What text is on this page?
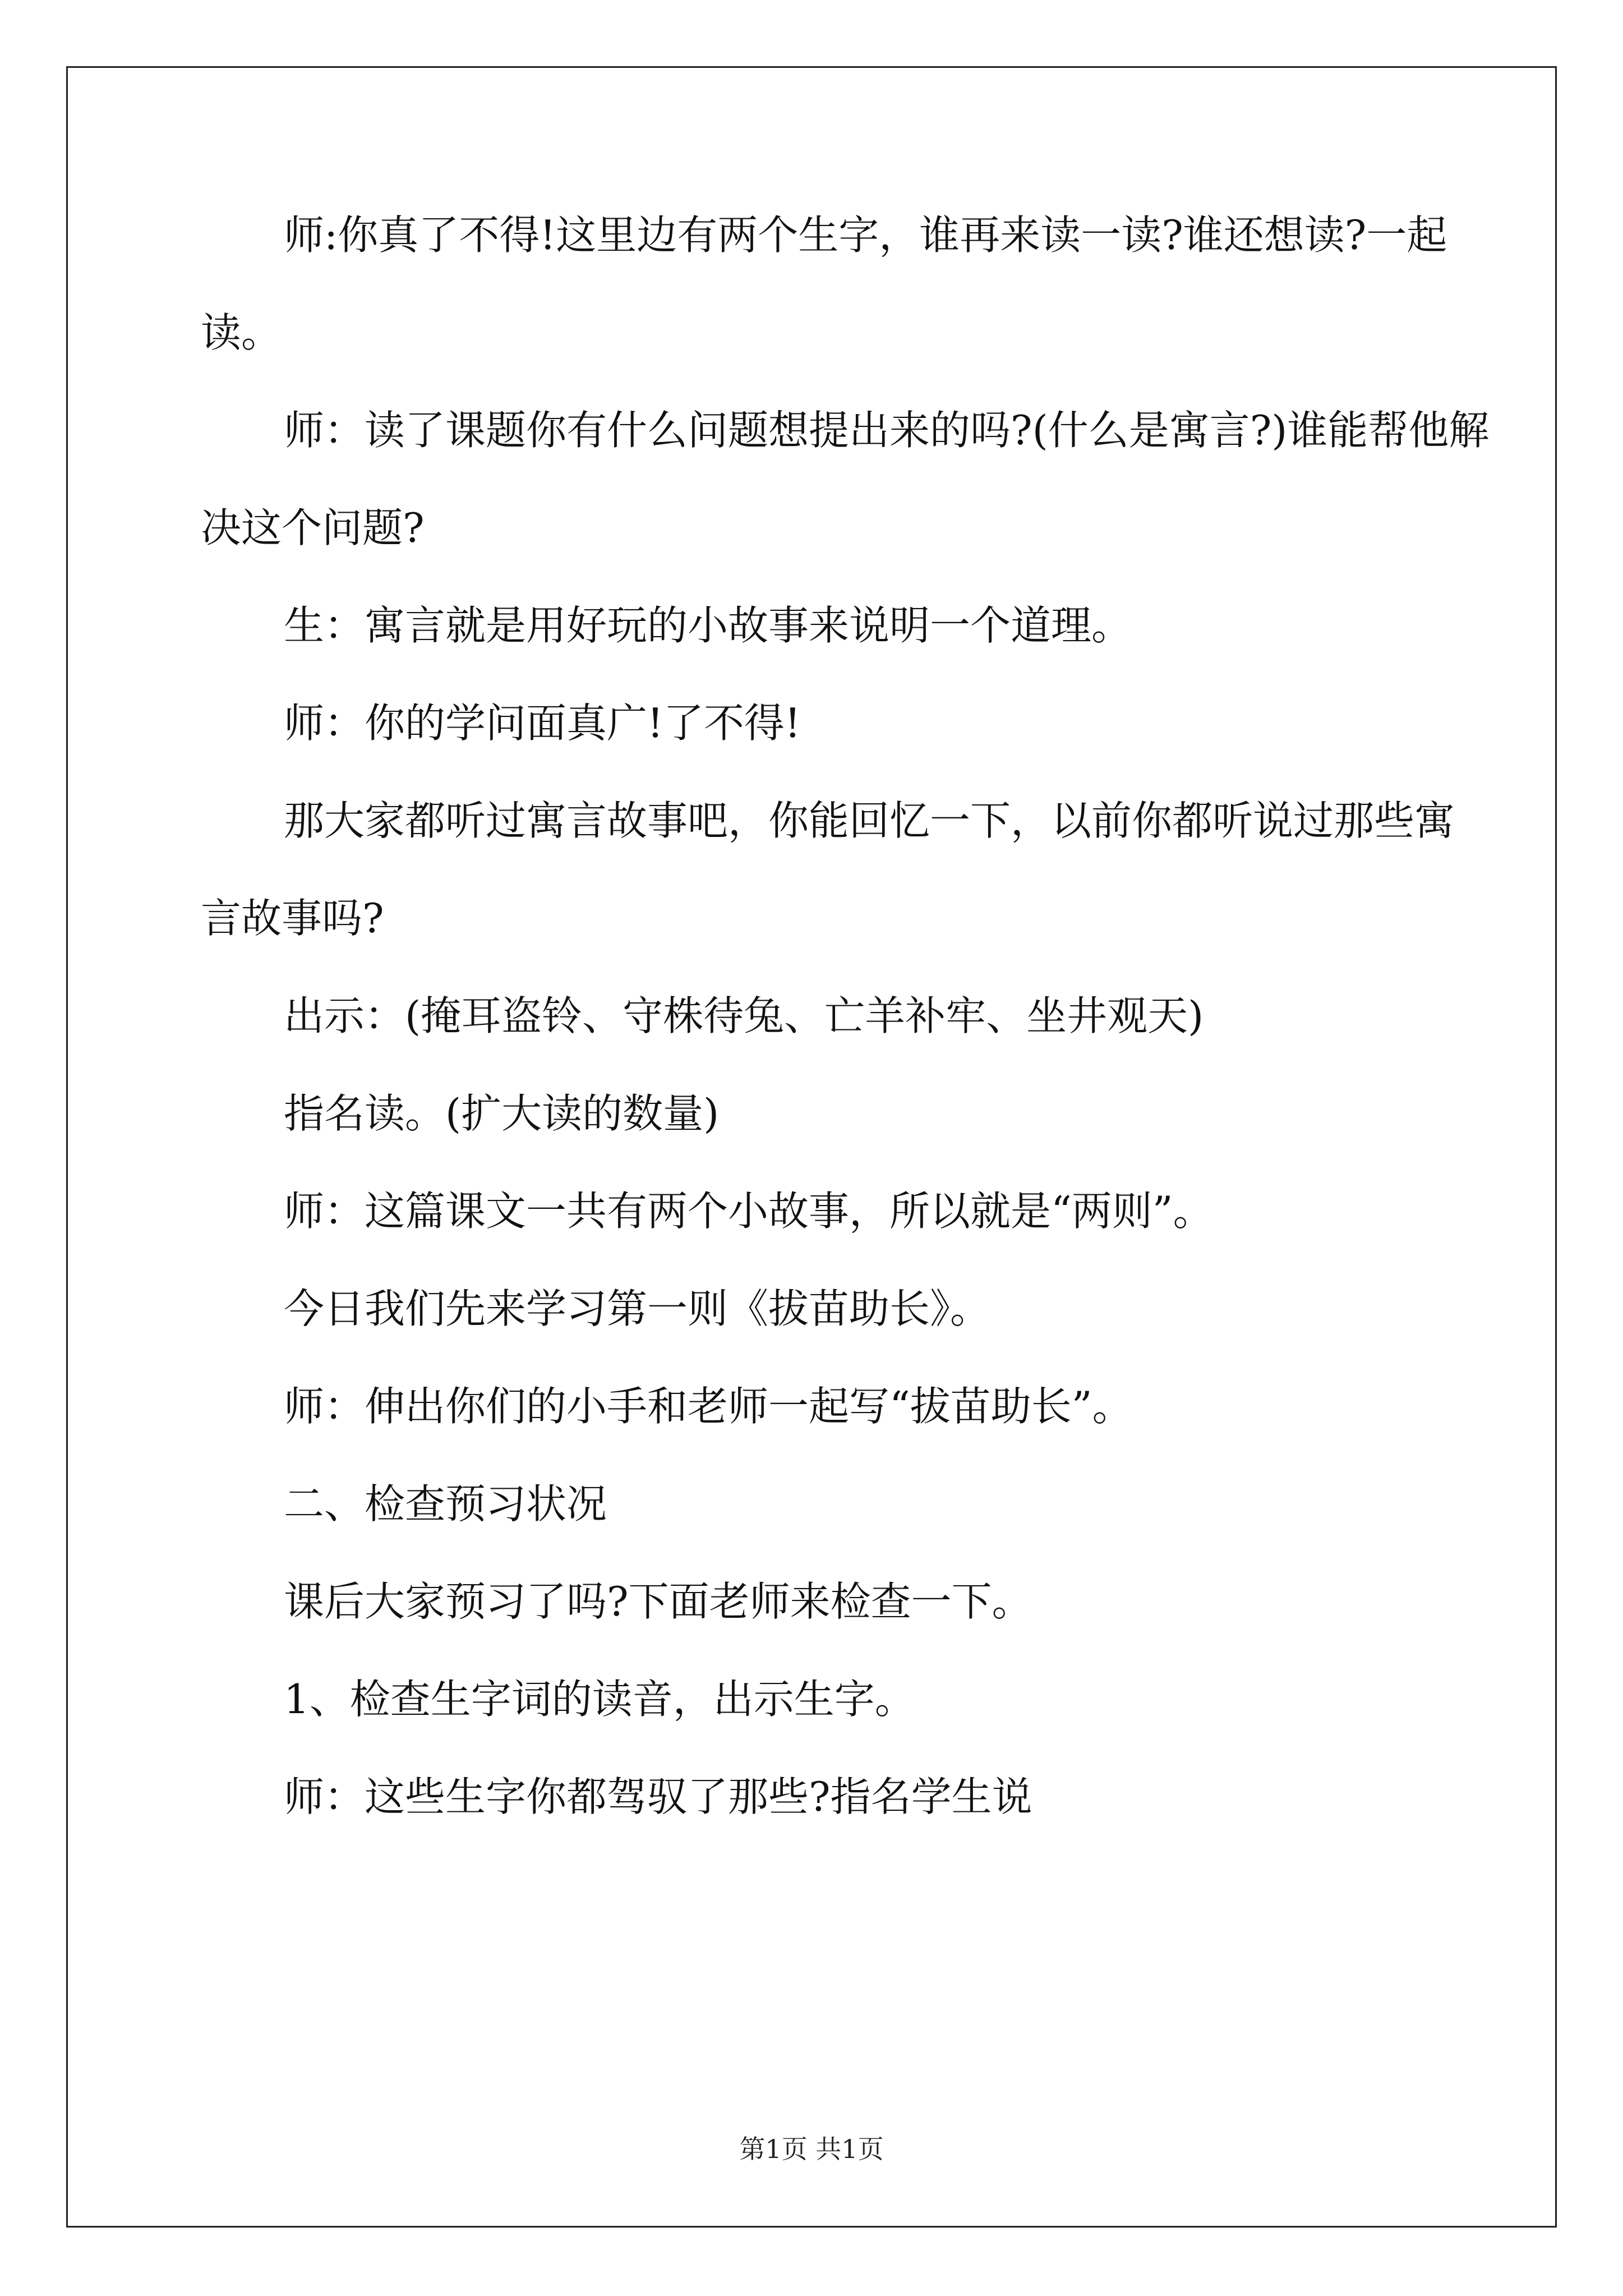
师:你真了不得!这里边有两个生字，谁再来读一读?谁还想读?一起读。

师：读了课题你有什么问题想提出来的吗?(什么是寓言?)谁能帮他解决这个问题?

生：寓言就是用好玩的小故事来说明一个道理。

师：你的学问面真广!了不得!

那大家都听过寓言故事吧，你能回忆一下，以前你都听说过那些寓言故事吗?

出示：(掩耳盗铃、守株待兔、亡羊补牢、坐井观天)

指名读。(扩大读的数量)

师：这篇课文一共有两个小故事，所以就是“两则”。

今日我们先来学习第一则《拔苗助长》。

师：伸出你们的小手和老师一起写“拔苗助长”。

二、检查预习状况

课后大家预习了吗?下面老师来检查一下。

1、检查生字词的读音，出示生字。

师：这些生字你都驾驭了那些?指名学生说

第1页 共1页
